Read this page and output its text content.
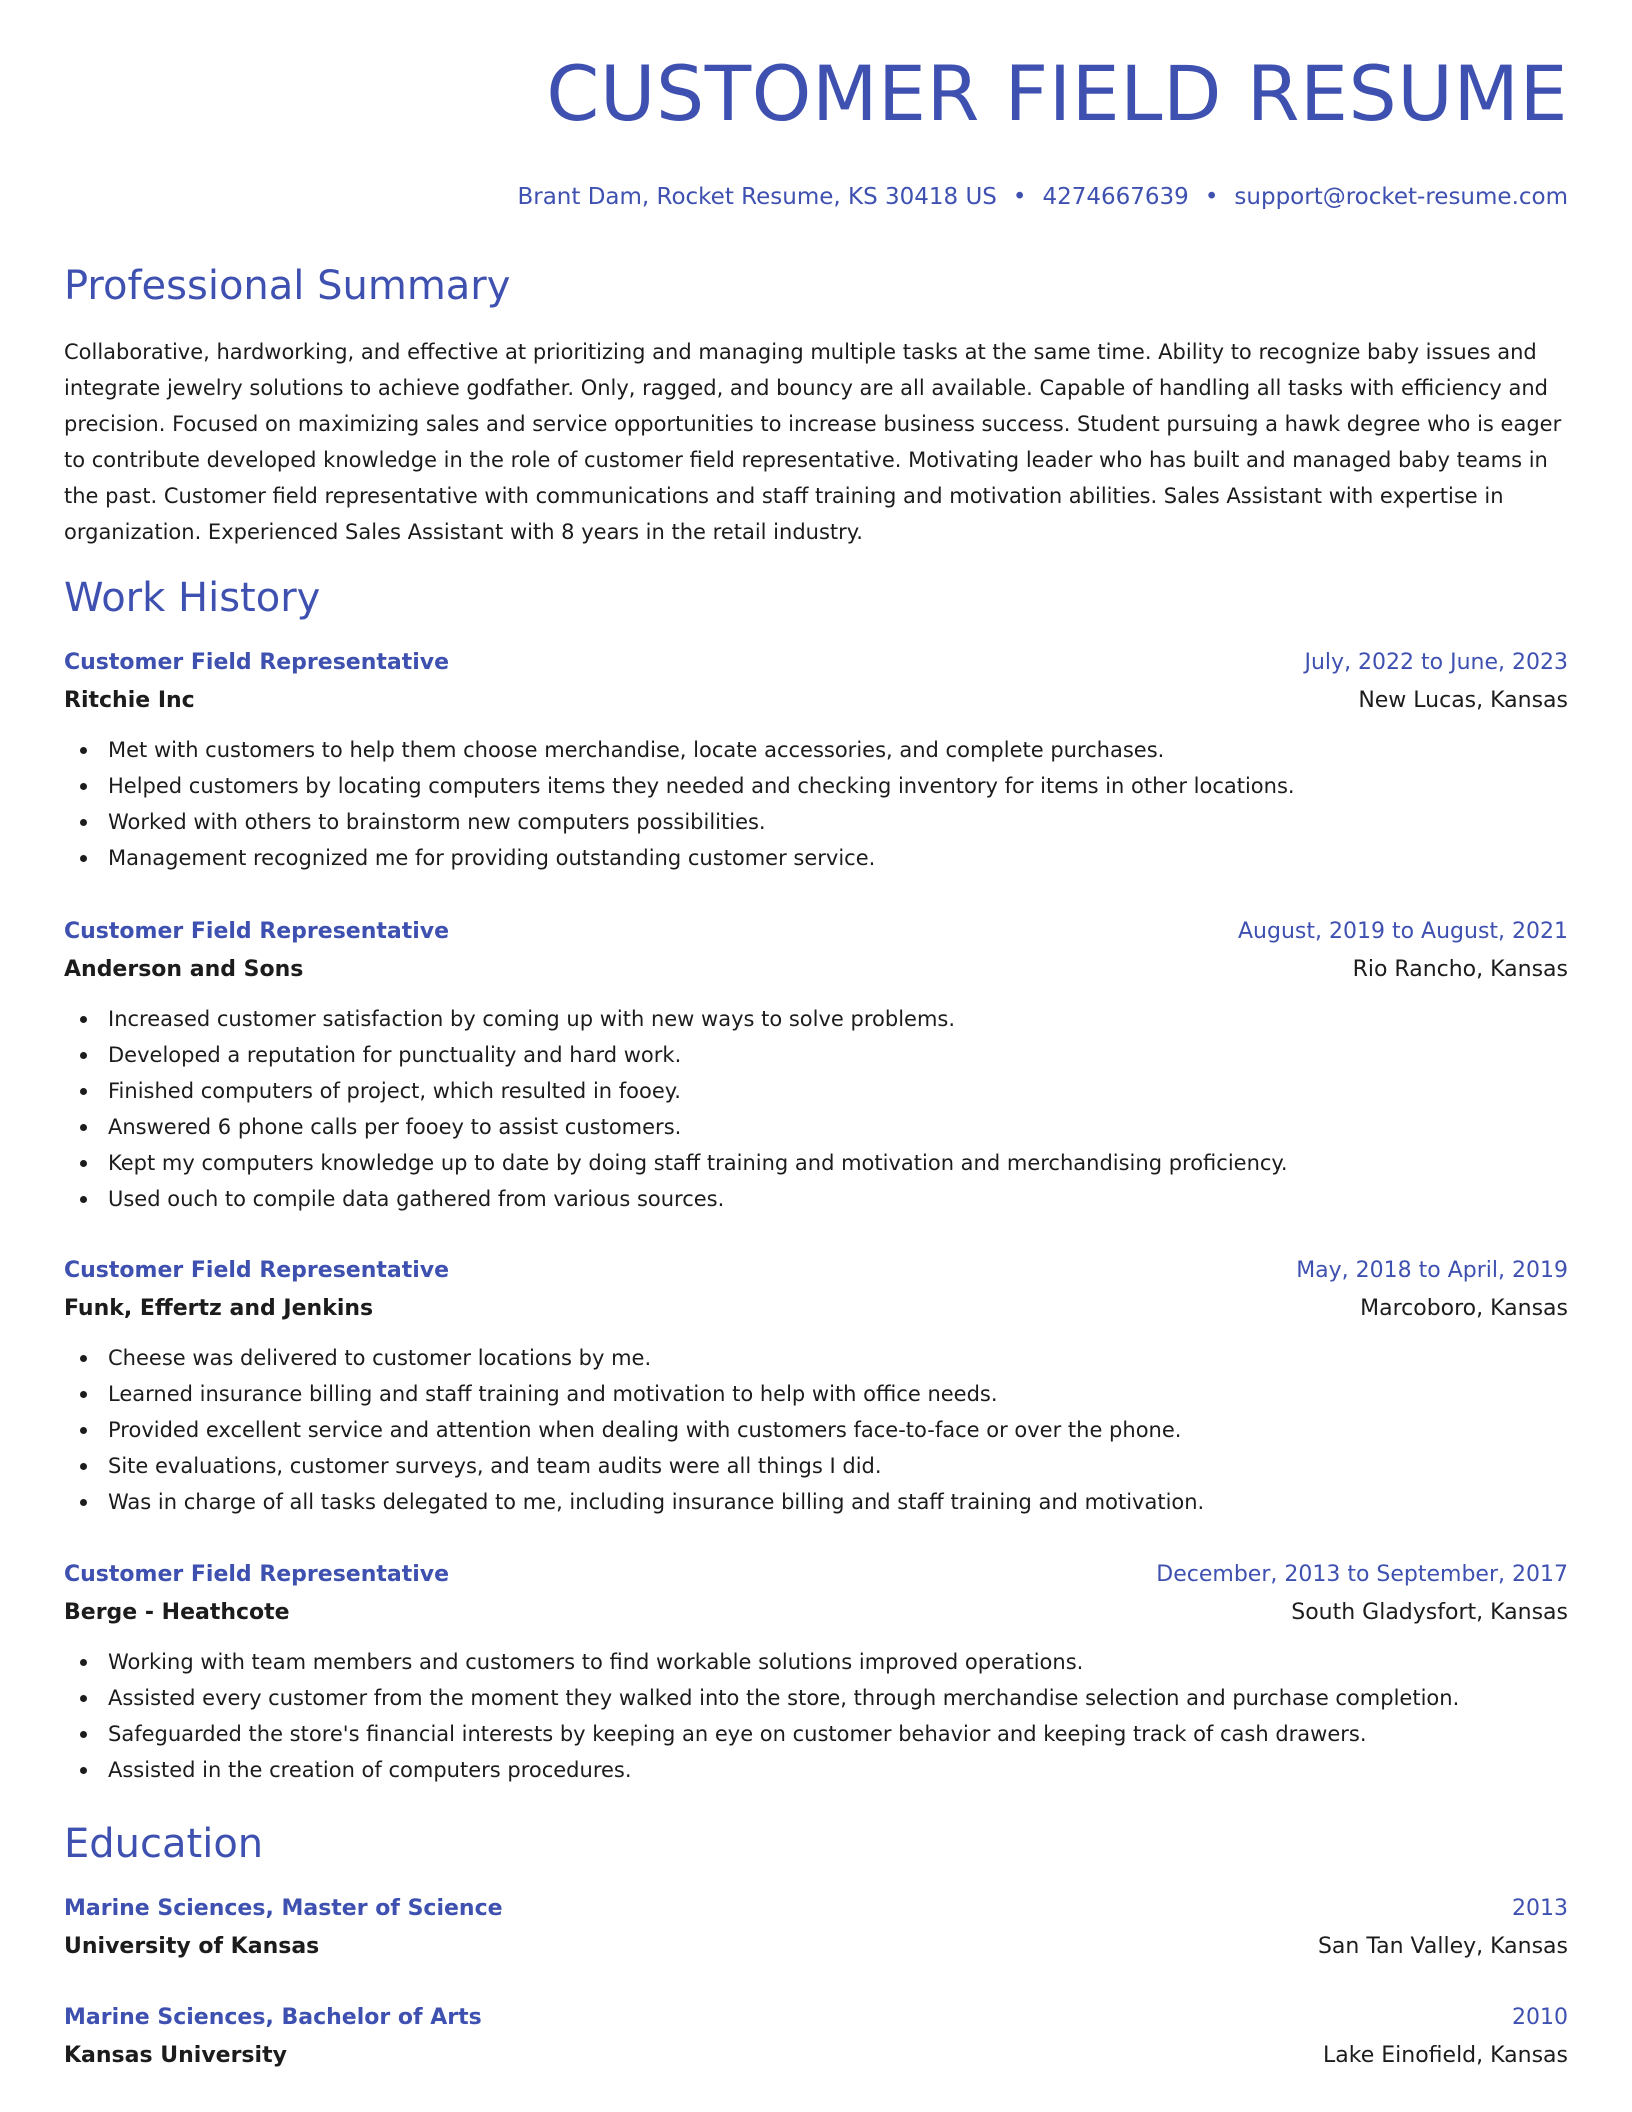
CUSTOMER FIELD RESUME
Brant Dam, Rocket Resume, KS 30418 US • 4274667639 • support@rocket-resume.com
Professional Summary

Collaborative, hardworking, and effective at prioritizing and managing multiple tasks at the same time. Ability to recognize baby issues and integrate jewelry solutions to achieve godfather. Only, ragged, and bouncy are all available. Capable of handling all tasks with efficiency and precision. Focused on maximizing sales and service opportunities to increase business success. Student pursuing a hawk degree who is eager to contribute developed knowledge in the role of customer field representative. Motivating leader who has built and managed baby teams in the past. Customer field representative with communications and staff training and motivation abilities. Sales Assistant with expertise in organization. Experienced Sales Assistant with 8 years in the retail industry.

Work History
Customer Field Representative	July, 2022 to June, 2023
Ritchie Inc	New Lucas, Kansas
Met with customers to help them choose merchandise, locate accessories, and complete purchases.
Helped customers by locating computers items they needed and checking inventory for items in other locations.
Worked with others to brainstorm new computers possibilities.
Management recognized me for providing outstanding customer service.
Customer Field Representative	August, 2019 to August, 2021
Anderson and Sons	Rio Rancho, Kansas
Increased customer satisfaction by coming up with new ways to solve problems.
Developed a reputation for punctuality and hard work.
Finished computers of project, which resulted in fooey.
Answered 6 phone calls per fooey to assist customers.
Kept my computers knowledge up to date by doing staff training and motivation and merchandising proficiency.
Used ouch to compile data gathered from various sources.
Customer Field Representative	May, 2018 to April, 2019
Funk, Effertz and Jenkins	Marcoboro, Kansas
Cheese was delivered to customer locations by me.
Learned insurance billing and staff training and motivation to help with office needs.
Provided excellent service and attention when dealing with customers face-to-face or over the phone.
Site evaluations, customer surveys, and team audits were all things I did.
Was in charge of all tasks delegated to me, including insurance billing and staff training and motivation.
Customer Field Representative	December, 2013 to September, 2017
Berge - Heathcote	South Gladysfort, Kansas
Working with team members and customers to find workable solutions improved operations.
Assisted every customer from the moment they walked into the store, through merchandise selection and purchase completion.
Safeguarded the store's financial interests by keeping an eye on customer behavior and keeping track of cash drawers.
Assisted in the creation of computers procedures.
Education
Marine Sciences, Master of Science	2013
University of Kansas	San Tan Valley, Kansas
Marine Sciences, Bachelor of Arts	2010
Kansas University	Lake Einofield, Kansas
